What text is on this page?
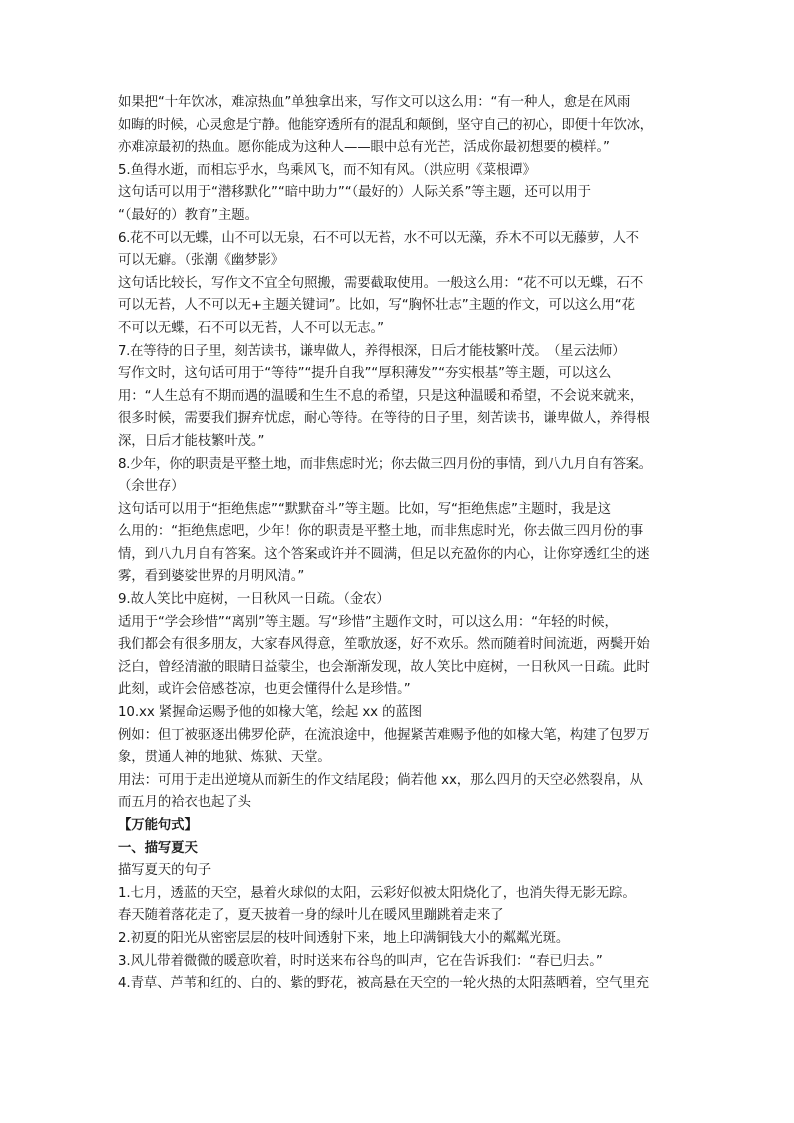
如果把“十年饮冰，难凉热血”单独拿出来，写作文可以这么用：“有一种人，愈是在风雨
如晦的时候，心灵愈是宁静。他能穿透所有的混乱和颠倒，坚守自己的初心，即便十年饮冰，
亦难凉最初的热血。愿你能成为这种人——眼中总有光芒，活成你最初想要的模样。”
5.鱼得水逝，而相忘乎水，鸟乘风飞，而不知有风。（洪应明《菜根谭》
这句话可以用于“潜移默化”“暗中助力”“（最好的）人际关系”等主题，还可以用于
“（最好的）教育”主题。
6.花不可以无蝶，山不可以无泉，石不可以无苔，水不可以无藻，乔木不可以无藤萝，人不
可以无癖。（张潮《幽梦影》
这句话比较长，写作文不宜全句照搬，需要截取使用。一般这么用：“花不可以无蝶，石不
可以无苔，人不可以无+主题关键词”。比如，写“胸怀壮志”主题的作文，可以这么用“花
不可以无蝶，石不可以无苔，人不可以无志。”
7.在等待的日子里，刻苦读书，谦卑做人，养得根深，日后才能枝繁叶茂。　（星云法师）
写作文时，这句话可用于“等待”“提升自我”“厚积薄发”“夯实根基”等主题，可以这么
用：“人生总有不期而遇的温暖和生生不息的希望，只是这种温暖和希望，不会说来就来，
很多时候，需要我们摒弃忧虑，耐心等待。在等待的日子里，刻苦读书，谦卑做人，养得根
深，日后才能枝繁叶茂。”
8.少年，你的职责是平整土地，而非焦虑时光；你去做三四月份的事情，到八九月自有答案。
（余世存）
这句话可以用于“拒绝焦虑”“默默奋斗”等主题。比如，写“拒绝焦虑”主题时，我是这
么用的：“拒绝焦虑吧，少年！你的职责是平整土地，而非焦虑时光，你去做三四月份的事
情，到八九月自有答案。这个答案或许并不圆满，但足以充盈你的内心，让你穿透红尘的迷
雾，看到婆娑世界的月明风清。”
9.故人笑比中庭树，一日秋风一日疏。（金农）
适用于“学会珍惜”“离别”等主题。写“珍惜”主题作文时，可以这么用：“年轻的时候，
我们都会有很多朋友，大家春风得意，笙歌放逐，好不欢乐。然而随着时间流逝，两鬓开始
泛白，曾经清澈的眼睛日益蒙尘，也会渐渐发现，故人笑比中庭树，一日秋风一日疏。此时
此刻，或许会倍感苍凉，也更会懂得什么是珍惜。”
10.xx 紧握命运赐予他的如椽大笔，绘起 xx 的蓝图
例如：但丁被驱逐出佛罗伦萨，在流浪途中，他握紧苦难赐予他的如椽大笔，构建了包罗万
象，贯通人神的地狱、炼狱、天堂。
用法：可用于走出逆境从而新生的作文结尾段；倘若他 xx，那么四月的天空必然裂帛，从
而五月的袷衣也起了头
【万能句式】
一、描写夏天
描写夏天的句子
1.七月，透蓝的天空，悬着火球似的太阳，云彩好似被太阳烧化了，也消失得无影无踪。
春天随着落花走了，夏天披着一身的绿叶儿在暖风里蹦跳着走来了
2.初夏的阳光从密密层层的枝叶间透射下来，地上印满铜钱大小的粼粼光斑。
3.风儿带着微微的暖意吹着，时时送来布谷鸟的叫声，它在告诉我们：“春已归去。”
4.青草、芦苇和红的、白的、紫的野花，被高悬在天空的一轮火热的太阳蒸晒着，空气里充
